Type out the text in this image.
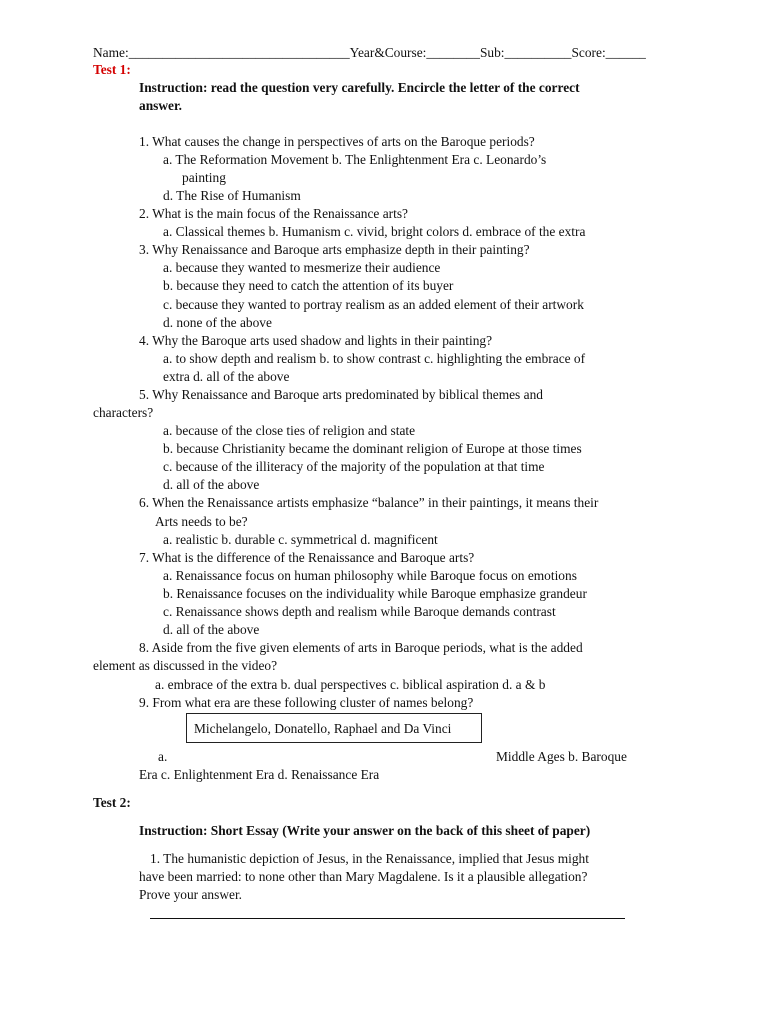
Name:_________________________________Year&Course:________Sub:__________Score:______
Test 1:
Instruction: read the question very carefully. Encircle the letter of the correct
answer.
1. What causes the change in perspectives of arts on the Baroque periods?
a. The Reformation Movement b. The Enlightenment Era c. Leonardo’s
painting
d. The Rise of Humanism
2. What is the main focus of the Renaissance arts?
a. Classical themes b. Humanism c. vivid, bright colors d. embrace of the extra
3. Why Renaissance and Baroque arts emphasize depth in their painting?
a. because they wanted to mesmerize their audience
b. because they need to catch the attention of its buyer
c. because they wanted to portray realism as an added element of their artwork
d. none of the above
4. Why the Baroque arts used shadow and lights in their painting?
a. to show depth and realism b. to show contrast c. highlighting the embrace of
extra d. all of the above
5. Why Renaissance and Baroque arts predominated by biblical themes and
characters?
a. because of the close ties of religion and state
b. because Christianity became the dominant religion of Europe at those times
c. because of the illiteracy of the majority of the population at that time
d. all of the above
6. When the Renaissance artists emphasize “balance” in their paintings, it means their
Arts needs to be?
a. realistic b. durable c. symmetrical d. magnificent
7. What is the difference of the Renaissance and Baroque arts?
a. Renaissance focus on human philosophy while Baroque focus on emotions
b. Renaissance focuses on the individuality while Baroque emphasize grandeur
c. Renaissance shows depth and realism while Baroque demands contrast
d. all of the above
8. Aside from the five given elements of arts in Baroque periods, what is the added
element as discussed in the video?
a. embrace of the extra b. dual perspectives c. biblical aspiration d. a & b
9. From what era are these following cluster of names belong?
Michelangelo, Donatello, Raphael and Da Vinci
a.	Middle Ages b. Baroque
Era c. Enlightenment Era d. Renaissance Era
Test 2:
Instruction: Short Essay (Write your answer on the back of this sheet of paper)
1. The humanistic depiction of Jesus, in the Renaissance, implied that Jesus might
have been married: to none other than Mary Magdalene. Is it a plausible allegation?
Prove your answer.
